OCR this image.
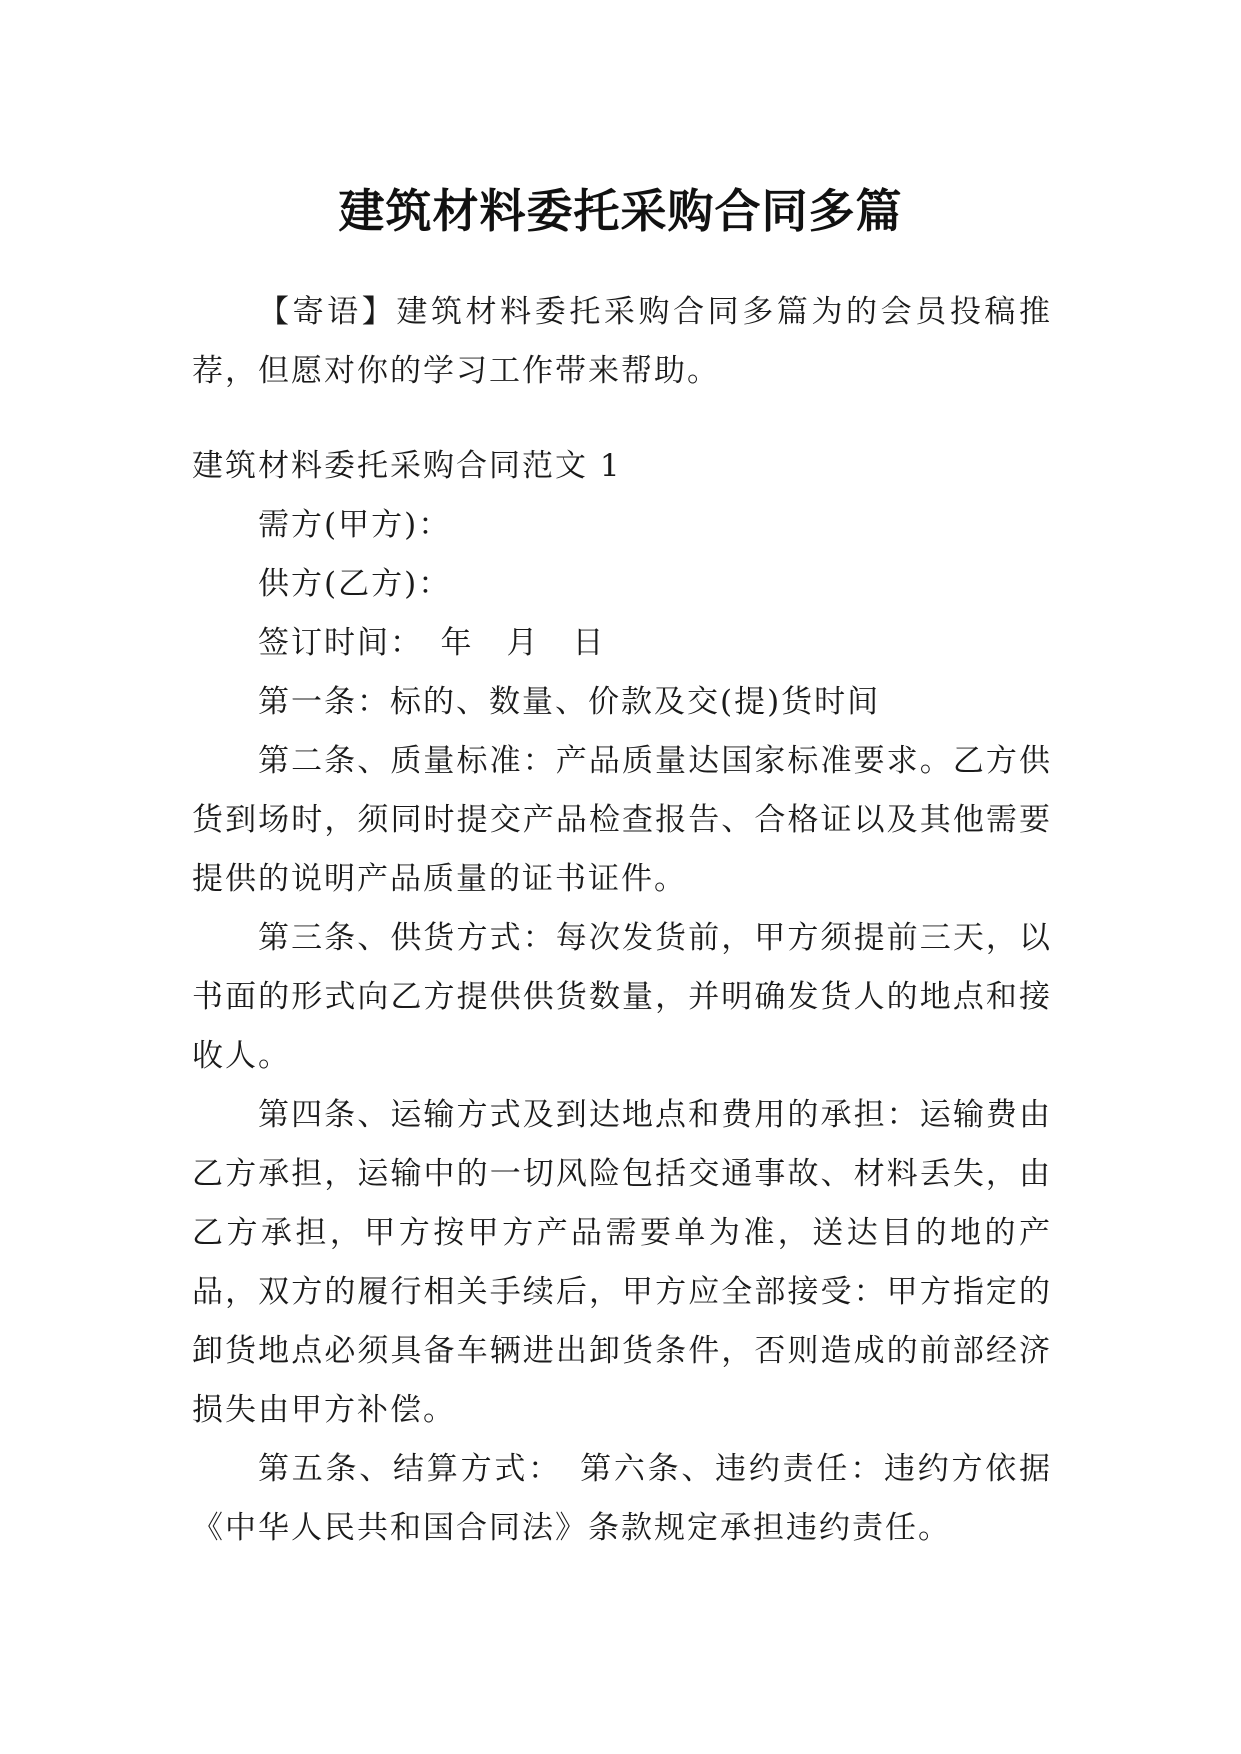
建筑材料委托采购合同多篇

【寄语】建筑材料委托采购合同多篇为的会员投稿推荐，但愿对你的学习工作带来帮助。

建筑材料委托采购合同范文 1

需方(甲方)：

供方(乙方)：

签订时间：　年　月　日

第一条：标的、数量、价款及交(提)货时间

第二条、质量标准：产品质量达国家标准要求。乙方供货到场时，须同时提交产品检查报告、合格证以及其他需要提供的说明产品质量的证书证件。

第三条、供货方式：每次发货前，甲方须提前三天，以书面的形式向乙方提供供货数量，并明确发货人的地点和接收人。

第四条、运输方式及到达地点和费用的承担：运输费由乙方承担，运输中的一切风险包括交通事故、材料丢失，由乙方承担，甲方按甲方产品需要单为准，送达目的地的产品，双方的履行相关手续后，甲方应全部接受：甲方指定的卸货地点必须具备车辆进出卸货条件，否则造成的前部经济损失由甲方补偿。

第五条、结算方式：　第六条、违约责任：违约方依据《中华人民共和国合同法》条款规定承担违约责任。
